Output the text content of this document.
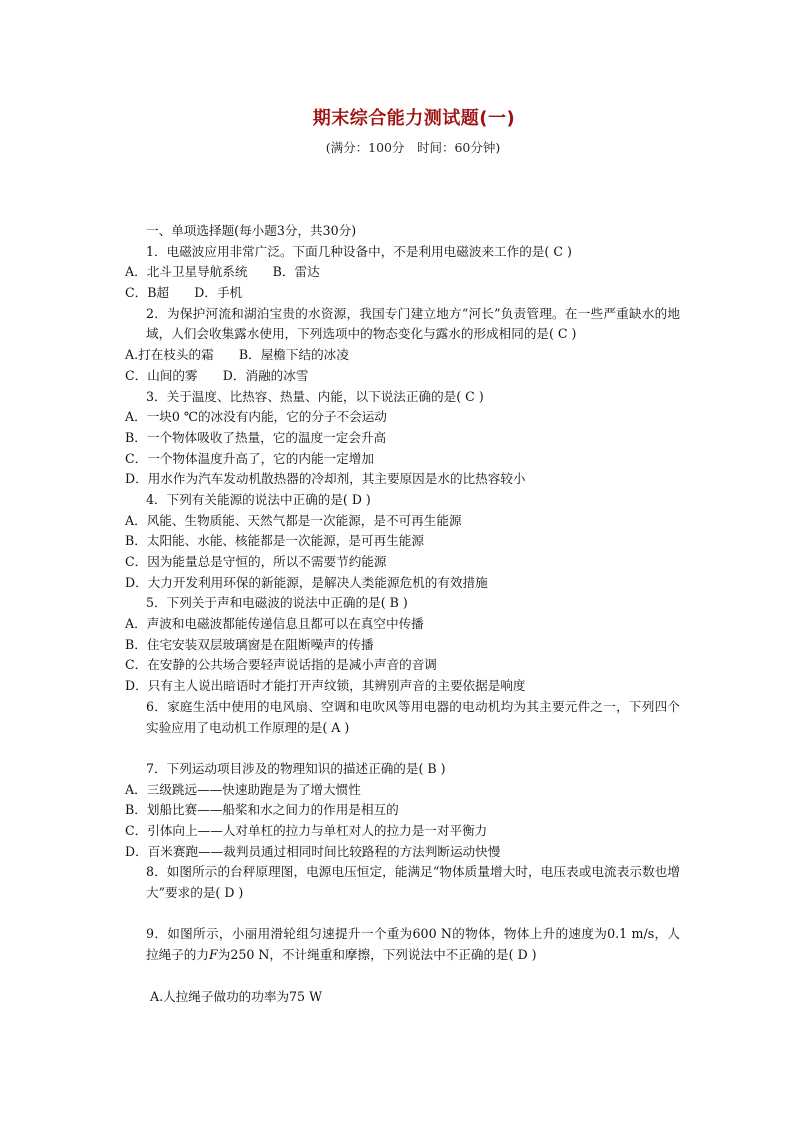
期末综合能力测试题(一)
(满分：100分　时间：60分钟)
一、单项选择题(每小题3分，共30分)
1．电磁波应用非常广泛。下面几种设备中，不是利用电磁波来工作的是( C )
A．北斗卫星导航系统　　B．雷达
C．B超　　D．手机
2．为保护河流和湖泊宝贵的水资源，我国专门建立地方“河长”负责管理。在一些严重缺水的地域，人们会收集露水使用，下列选项中的物态变化与露水的形成相同的是( C )
A.打在枝头的霜　　B．屋檐下结的冰凌
C．山间的雾　　D．消融的冰雪
3．关于温度、比热容、热量、内能，以下说法正确的是( C )
A．一块0 ℃的冰没有内能，它的分子不会运动
B．一个物体吸收了热量，它的温度一定会升高
C．一个物体温度升高了，它的内能一定增加
D．用水作为汽车发动机散热器的冷却剂，其主要原因是水的比热容较小
4．下列有关能源的说法中正确的是( D )
A．风能、生物质能、天然气都是一次能源，是不可再生能源
B．太阳能、水能、核能都是一次能源，是可再生能源
C．因为能量总是守恒的，所以不需要节约能源
D．大力开发利用环保的新能源，是解决人类能源危机的有效措施
5．下列关于声和电磁波的说法中正确的是( B )
A．声波和电磁波都能传递信息且都可以在真空中传播
B．住宅安装双层玻璃窗是在阻断噪声的传播
C．在安静的公共场合要轻声说话指的是减小声音的音调
D．只有主人说出暗语时才能打开声纹锁，其辨别声音的主要依据是响度
6．家庭生活中使用的电风扇、空调和电吹风等用电器的电动机均为其主要元件之一，下列四个实验应用了电动机工作原理的是( A )
7．下列运动项目涉及的物理知识的描述正确的是( B )
A．三级跳远——快速助跑是为了增大惯性
B．划船比赛——船桨和水之间力的作用是相互的
C．引体向上——人对单杠的拉力与单杠对人的拉力是一对平衡力
D．百米赛跑——裁判员通过相同时间比较路程的方法判断运动快慢
8．如图所示的台秤原理图，电源电压恒定，能满足“物体质量增大时，电压表或电流表示数也增大”要求的是( D )
9．如图所示，小丽用滑轮组匀速提升一个重为600 N的物体，物体上升的速度为0.1 m/s，人拉绳子的力F为250 N，不计绳重和摩擦，下列说法中不正确的是( D )
A.人拉绳子做功的功率为75 W
